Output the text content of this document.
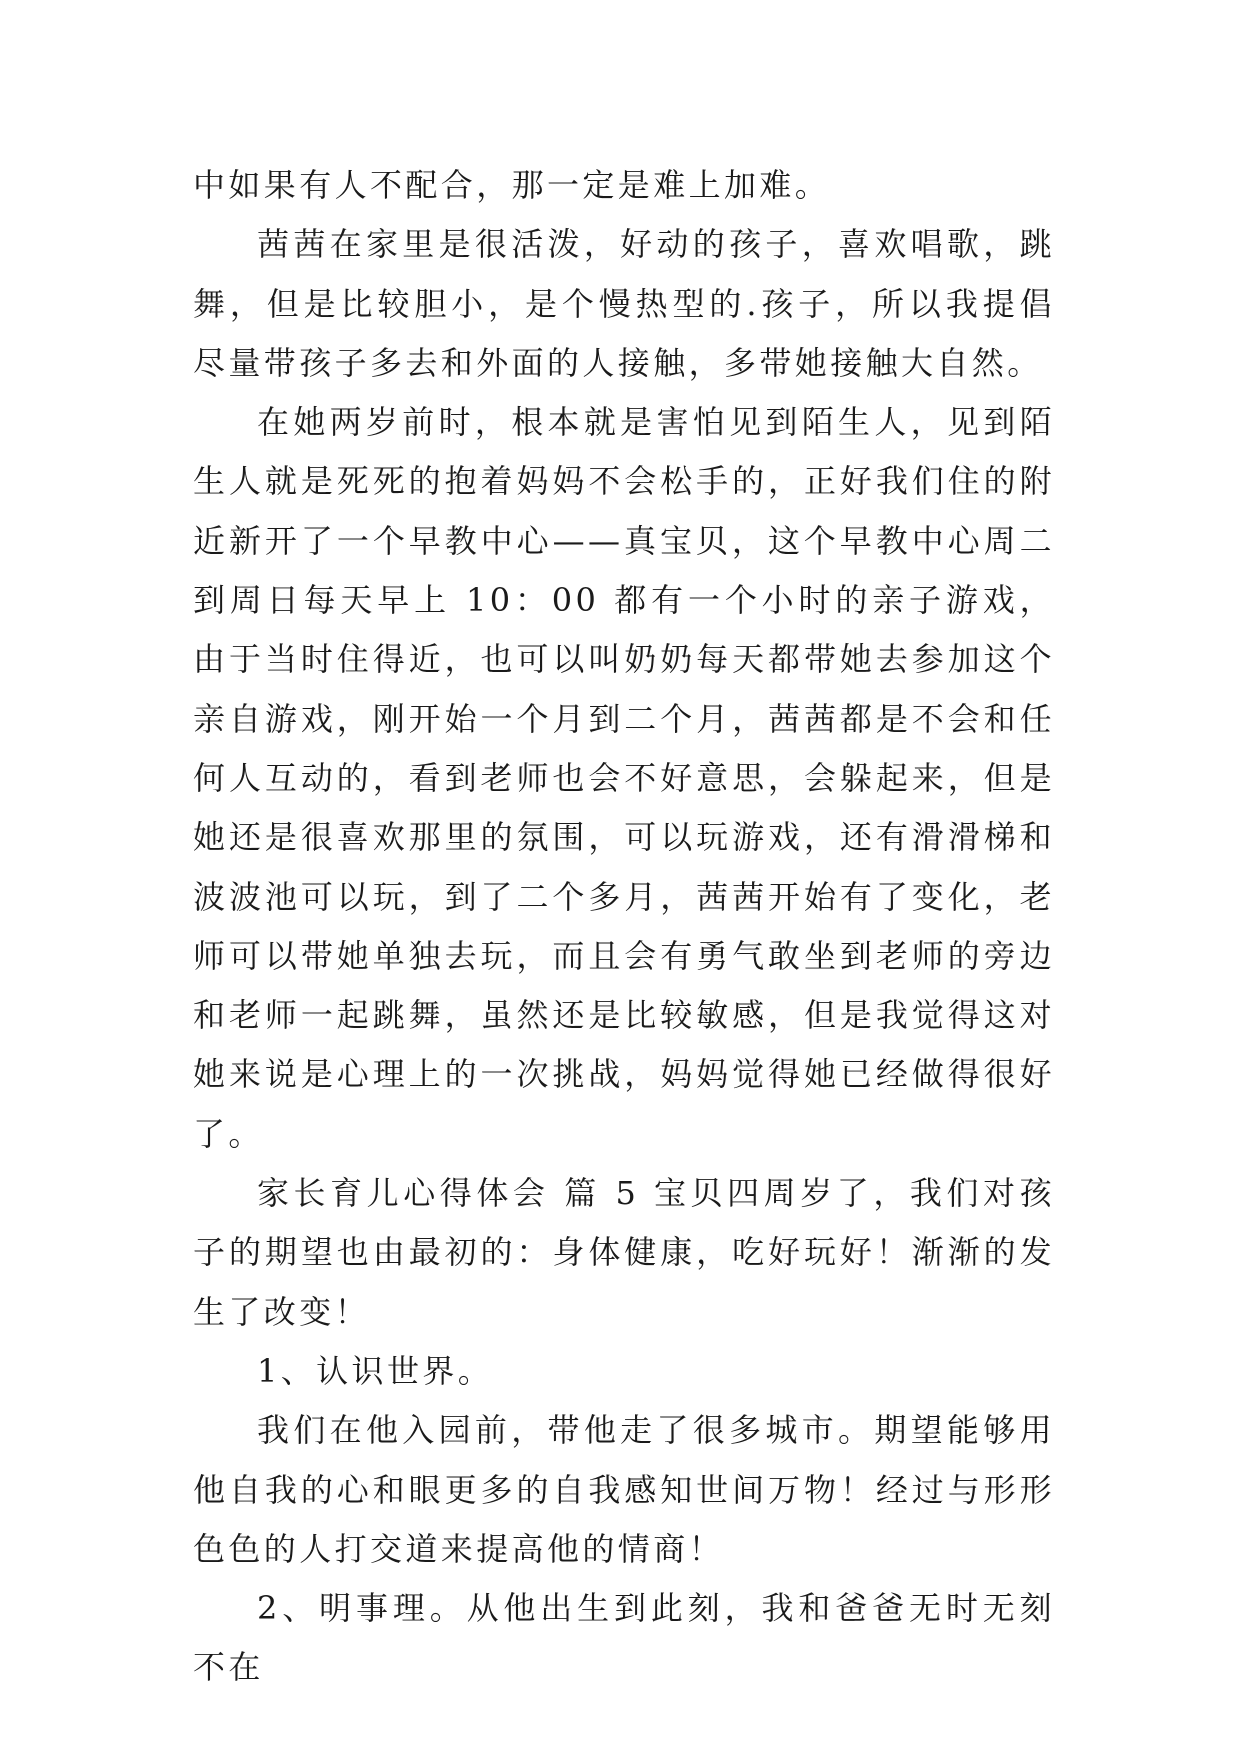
中如果有人不配合，那一定是难上加难。

茜茜在家里是很活泼，好动的孩子，喜欢唱歌，跳舞，但是比较胆小，是个慢热型的.孩子，所以我提倡尽量带孩子多去和外面的人接触，多带她接触大自然。

在她两岁前时，根本就是害怕见到陌生人，见到陌生人就是死死的抱着妈妈不会松手的，正好我们住的附近新开了一个早教中心——真宝贝，这个早教中心周二到周日每天早上 10：00 都有一个小时的亲子游戏，由于当时住得近，也可以叫奶奶每天都带她去参加这个亲自游戏，刚开始一个月到二个月，茜茜都是不会和任何人互动的，看到老师也会不好意思，会躲起来，但是她还是很喜欢那里的氛围，可以玩游戏，还有滑滑梯和波波池可以玩，到了二个多月，茜茜开始有了变化，老师可以带她单独去玩，而且会有勇气敢坐到老师的旁边和老师一起跳舞，虽然还是比较敏感，但是我觉得这对她来说是心理上的一次挑战，妈妈觉得她已经做得很好了。

家长育儿心得体会 篇 5 宝贝四周岁了，我们对孩子的期望也由最初的：身体健康，吃好玩好！渐渐的发生了改变！

1、认识世界。

我们在他入园前，带他走了很多城市。期望能够用他自我的心和眼更多的自我感知世间万物！经过与形形色色的人打交道来提高他的情商！

2、明事理。从他出生到此刻，我和爸爸无时无刻不在
